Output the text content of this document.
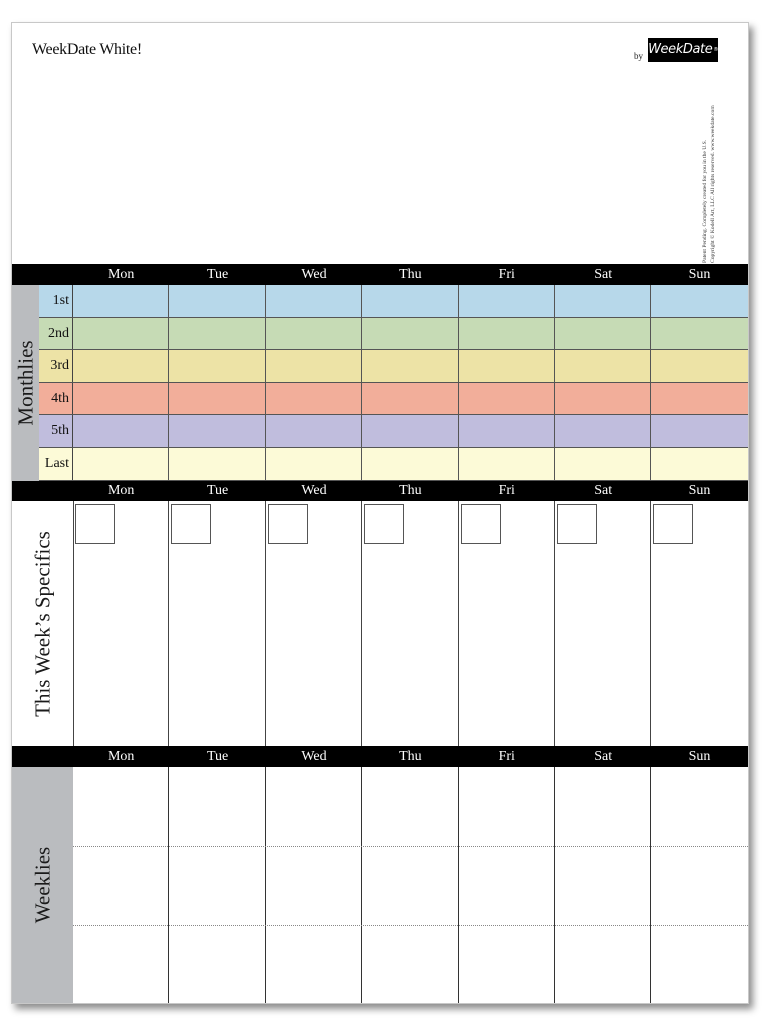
WeekDate White!	by WeekDate®
Patent Pending. Completely created for you in the U.S. Copyright © Kodell Art, LLC All rights reserved. www.weekdate.com
Mon	Tue	Wed	Thu	Fri	Sat	Sun
Monthlies
1st
2nd
3rd
4th
5th
Last
Mon	Tue	Wed	Thu	Fri	Sat	Sun
This Week’s Specifics
Mon	Tue	Wed	Thu	Fri	Sat	Sun
Weeklies
